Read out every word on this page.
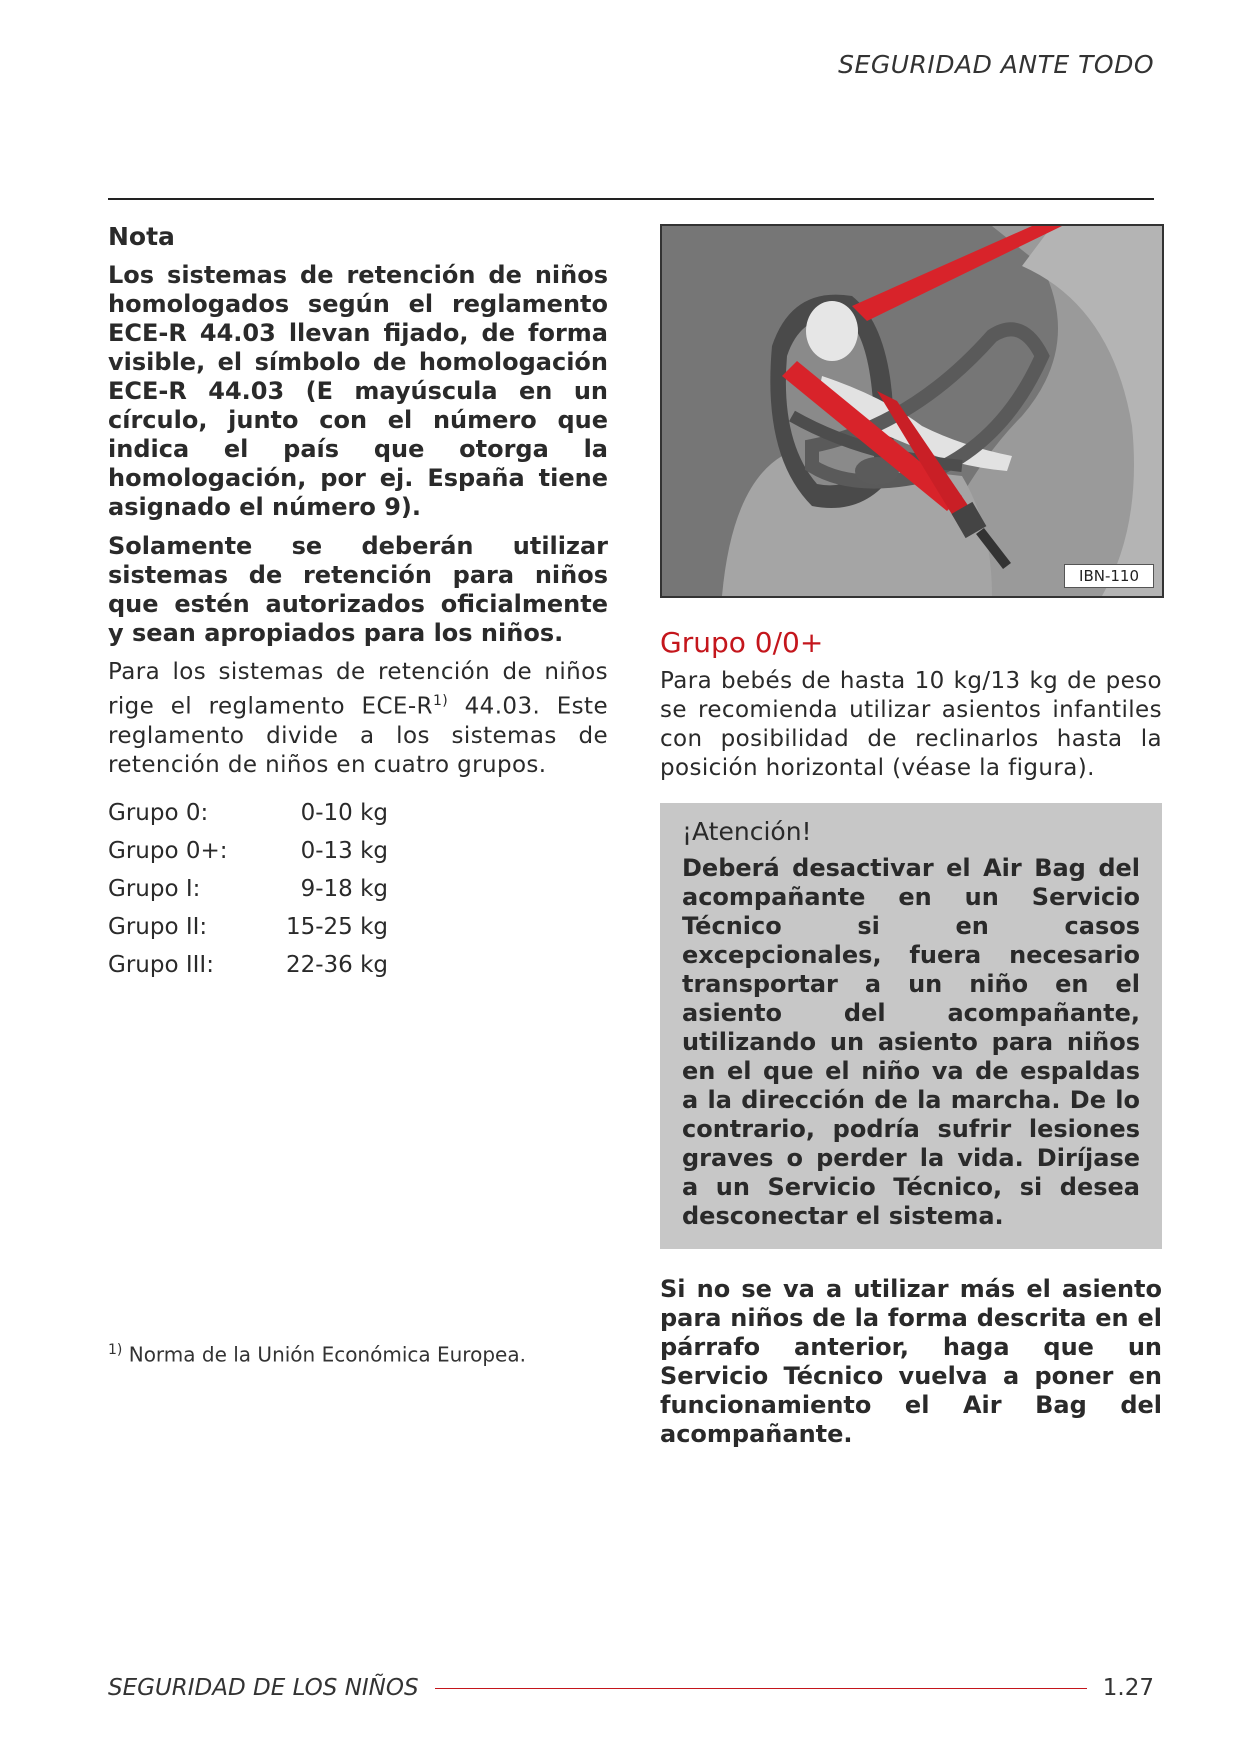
SEGURIDAD ANTE TODO
Nota

Los sistemas de retención de niños homologados según el reglamento ECE-R 44.03 llevan fijado, de forma visible, el símbolo de homologación ECE-R 44.03 (E mayúscula en un círculo, junto con el número que indica el país que otorga la homologación, por ej. España tiene asignado el número 9).

Solamente se deberán utilizar sistemas de retención para niños que estén autorizados oficialmente y sean apropiados para los niños.

Para los sistemas de retención de niños rige el reglamento ECE-$R^{1)}$ 44.03. Este reglamento divide a los sistemas de retención de niños en cuatro grupos.

Grupo 0:	0-10 kg
Grupo 0+:	0-13 kg
Grupo I:	9-18 kg
Grupo II:	15-25 kg
Grupo III:	22-36 kg
$^{1)}$ Norma de la Unión Económica Europea.
IBN-110
Grupo 0/0+

Para bebés de hasta 10 kg/13 kg de peso se recomienda utilizar asientos infantiles con posibilidad de reclinarlos hasta la posición horizontal (véase la figura).

¡Atención!

Deberá desactivar el Air Bag del acompañante en un Servicio Técnico si en casos excepcionales, fuera necesario transportar a un niño en el asiento del acompañante, utilizando un asiento para niños en el que el niño va de espaldas a la dirección de la marcha. De lo contrario, podría sufrir lesiones graves o perder la vida. Diríjase a un Servicio Técnico, si desea desconectar el sistema.

Si no se va a utilizar más el asiento para niños de la forma descrita en el párrafo anterior, haga que un Servicio Técnico vuelva a poner en funcionamiento el Air Bag del acompañante.

SEGURIDAD DE LOS NIÑOS	1.27
